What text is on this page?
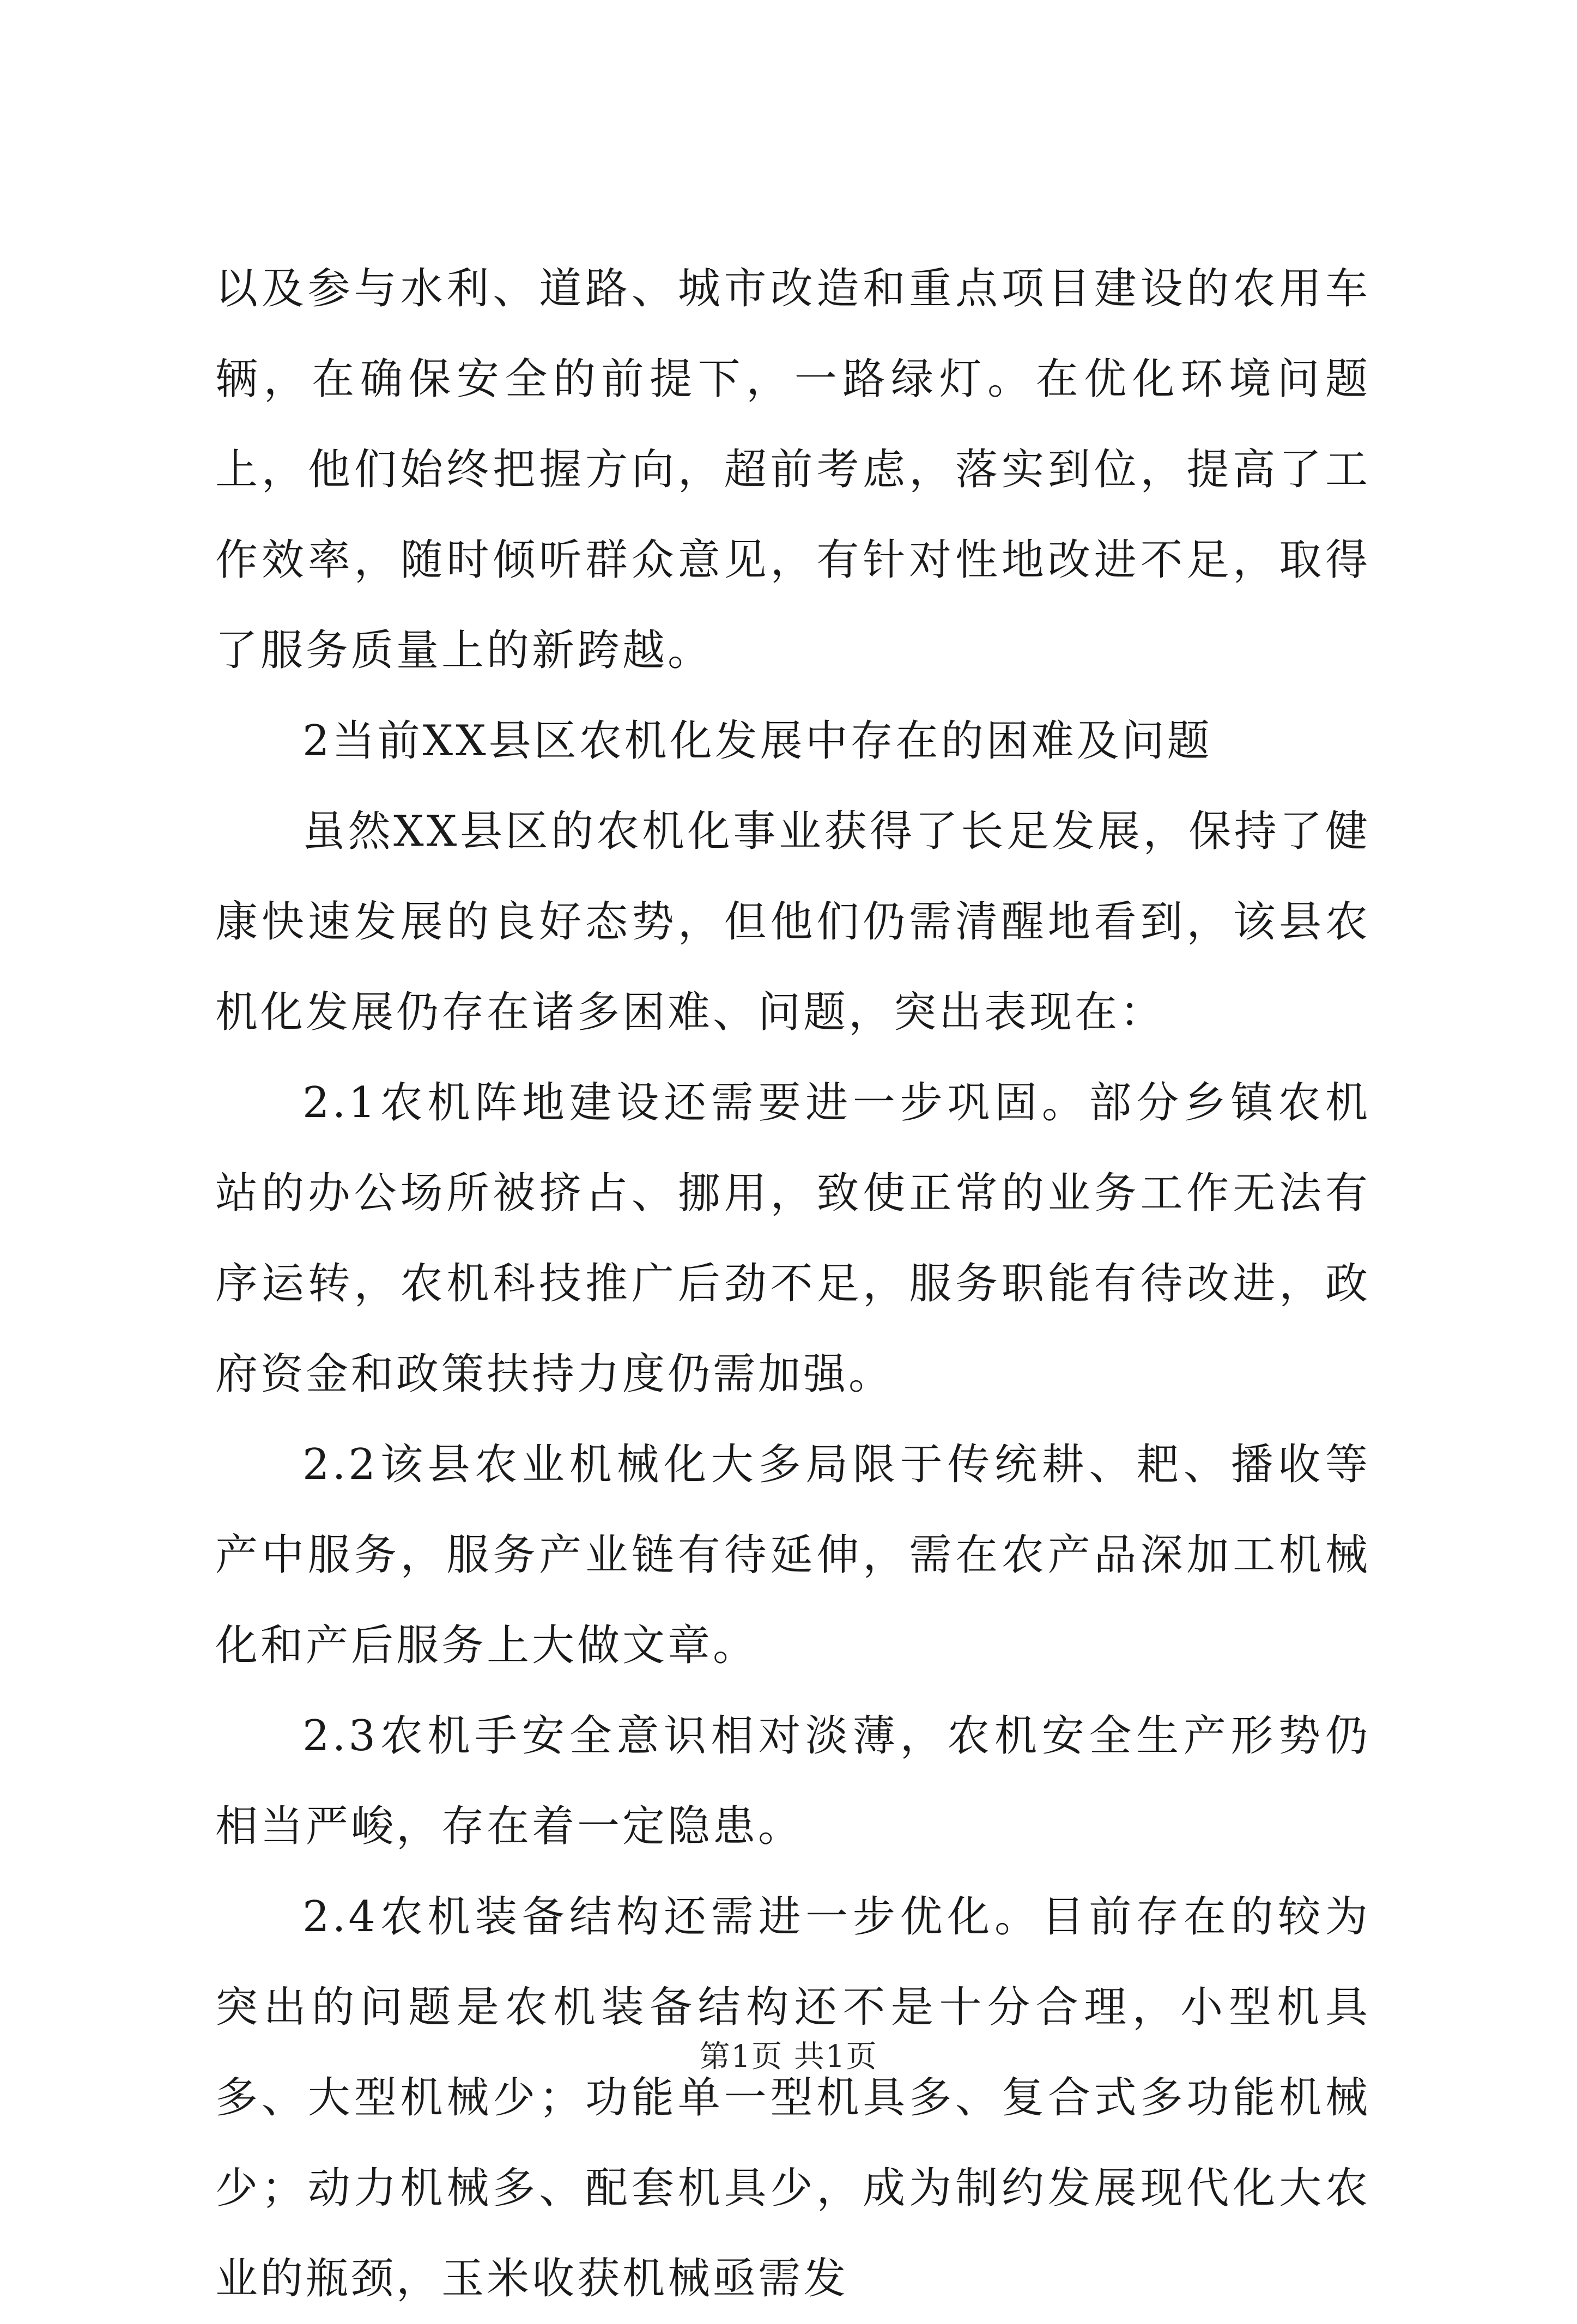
以及参与水利、道路、城市改造和重点项目建设的农用车辆，在确保安全的前提下，一路绿灯。在优化环境问题上，他们始终把握方向，超前考虑，落实到位，提高了工作效率，随时倾听群众意见，有针对性地改进不足，取得了服务质量上的新跨越。

2当前XX县区农机化发展中存在的困难及问题

虽然XX县区的农机化事业获得了长足发展，保持了健康快速发展的良好态势，但他们仍需清醒地看到，该县农机化发展仍存在诸多困难、问题，突出表现在：

2.1农机阵地建设还需要进一步巩固。部分乡镇农机站的办公场所被挤占、挪用，致使正常的业务工作无法有序运转，农机科技推广后劲不足，服务职能有待改进，政府资金和政策扶持力度仍需加强。

2.2该县农业机械化大多局限于传统耕、耙、播收等产中服务，服务产业链有待延伸，需在农产品深加工机械化和产后服务上大做文章。

2.3农机手安全意识相对淡薄，农机安全生产形势仍相当严峻，存在着一定隐患。

2.4农机装备结构还需进一步优化。目前存在的较为突出的问题是农机装备结构还不是十分合理，小型机具多、大型机械少；功能单一型机具多、复合式多功能机械少；动力机械多、配套机具少，成为制约发展现代化大农业的瓶颈，玉米收获机械亟需发

第1页 共1页
